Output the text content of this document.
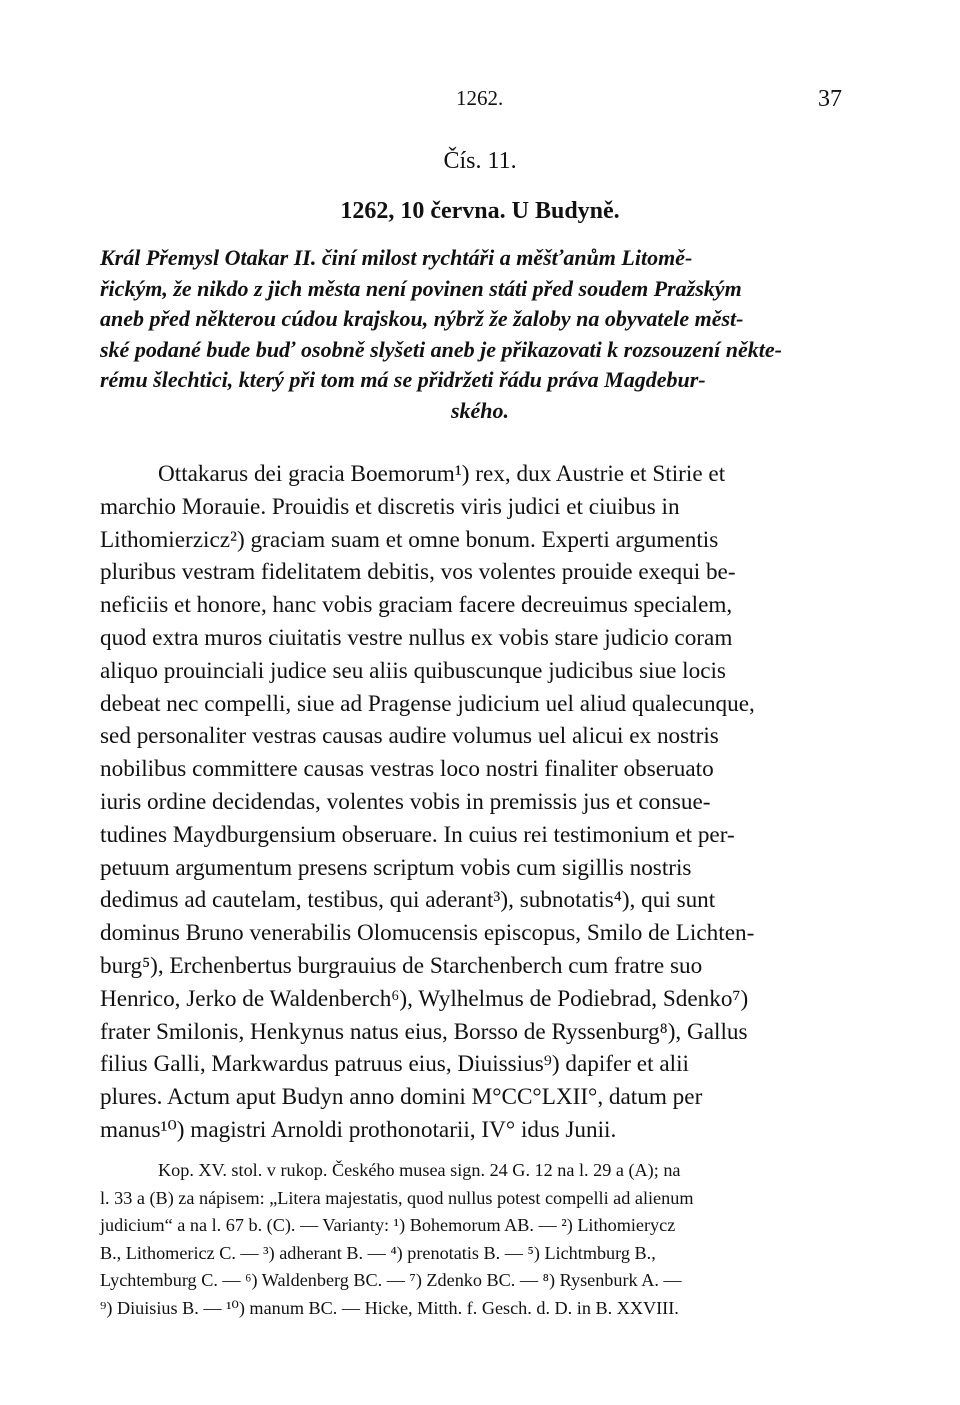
1262.	37
Čís. 11.
1262, 10 června. U Budyně.
Král Přemysl Otakar II. činí milost rychtáři a měšťanům Litomě-
řickým, že nikdo z jich města není povinen státi před soudem Pražským
aneb před některou cúdou krajskou, nýbrž že žaloby na obyvatele měst-
ské podané bude buď osobně slyšeti aneb je přikazovati k rozsouzení někte-
rému šlechtici, který při tom má se přidržeti řádu práva Magdebur-
ského.
Ottakarus dei gracia Boemorum¹) rex, dux Austrie et Stirie et
marchio Morauie. Prouidis et discretis viris judici et ciuibus in
Lithomierzicz²) graciam suam et omne bonum. Experti argumentis
pluribus vestram fidelitatem debitis, vos volentes prouide exequi be-
neficiis et honore, hanc vobis graciam facere decreuimus specialem,
quod extra muros ciuitatis vestre nullus ex vobis stare judicio coram
aliquo prouinciali judice seu aliis quibuscunque judicibus siue locis
debeat nec compelli, siue ad Pragense judicium uel aliud qualecunque,
sed personaliter vestras causas audire volumus uel alicui ex nostris
nobilibus committere causas vestras loco nostri finaliter obseruato
iuris ordine decidendas, volentes vobis in premissis jus et consue-
tudines Maydburgensium obseruare. In cuius rei testimonium et per-
petuum argumentum presens scriptum vobis cum sigillis nostris
dedimus ad cautelam, testibus, qui aderant³), subnotatis⁴), qui sunt
dominus Bruno venerabilis Olomucensis episcopus, Smilo de Lichten-
burg⁵), Erchenbertus burgrauius de Starchenberch cum fratre suo
Henrico, Jerko de Waldenberch⁶), Wylhelmus de Podiebrad, Sdenko⁷)
frater Smilonis, Henkynus natus eius, Borsso de Ryssenburg⁸), Gallus
filius Galli, Markwardus patruus eius, Diuissius⁹) dapifer et alii
plures. Actum aput Budyn anno domini M°CC°LXII°, datum per
manus¹⁰) magistri Arnoldi prothonotarii, IV° idus Junii.
Kop. XV. stol. v rukop. Českého musea sign. 24 G. 12 na l. 29 a (A); na
l. 33 a (B) za nápisem: „Litera majestatis, quod nullus potest compelli ad alienum
judicium“ a na l. 67 b. (C). — Varianty: ¹) Bohemorum AB. — ²) Lithomierycz
B., Lithomericz C. — ³) adherant B. — ⁴) prenotatis B. — ⁵) Lichtmburg B.,
Lychtemburg C. — ⁶) Waldenberg BC. — ⁷) Zdenko BC. — ⁸) Rysenburk A. —
⁹) Diuisius B. — ¹⁰) manum BC. — Hicke, Mitth. f. Gesch. d. D. in B. XXVIII.
